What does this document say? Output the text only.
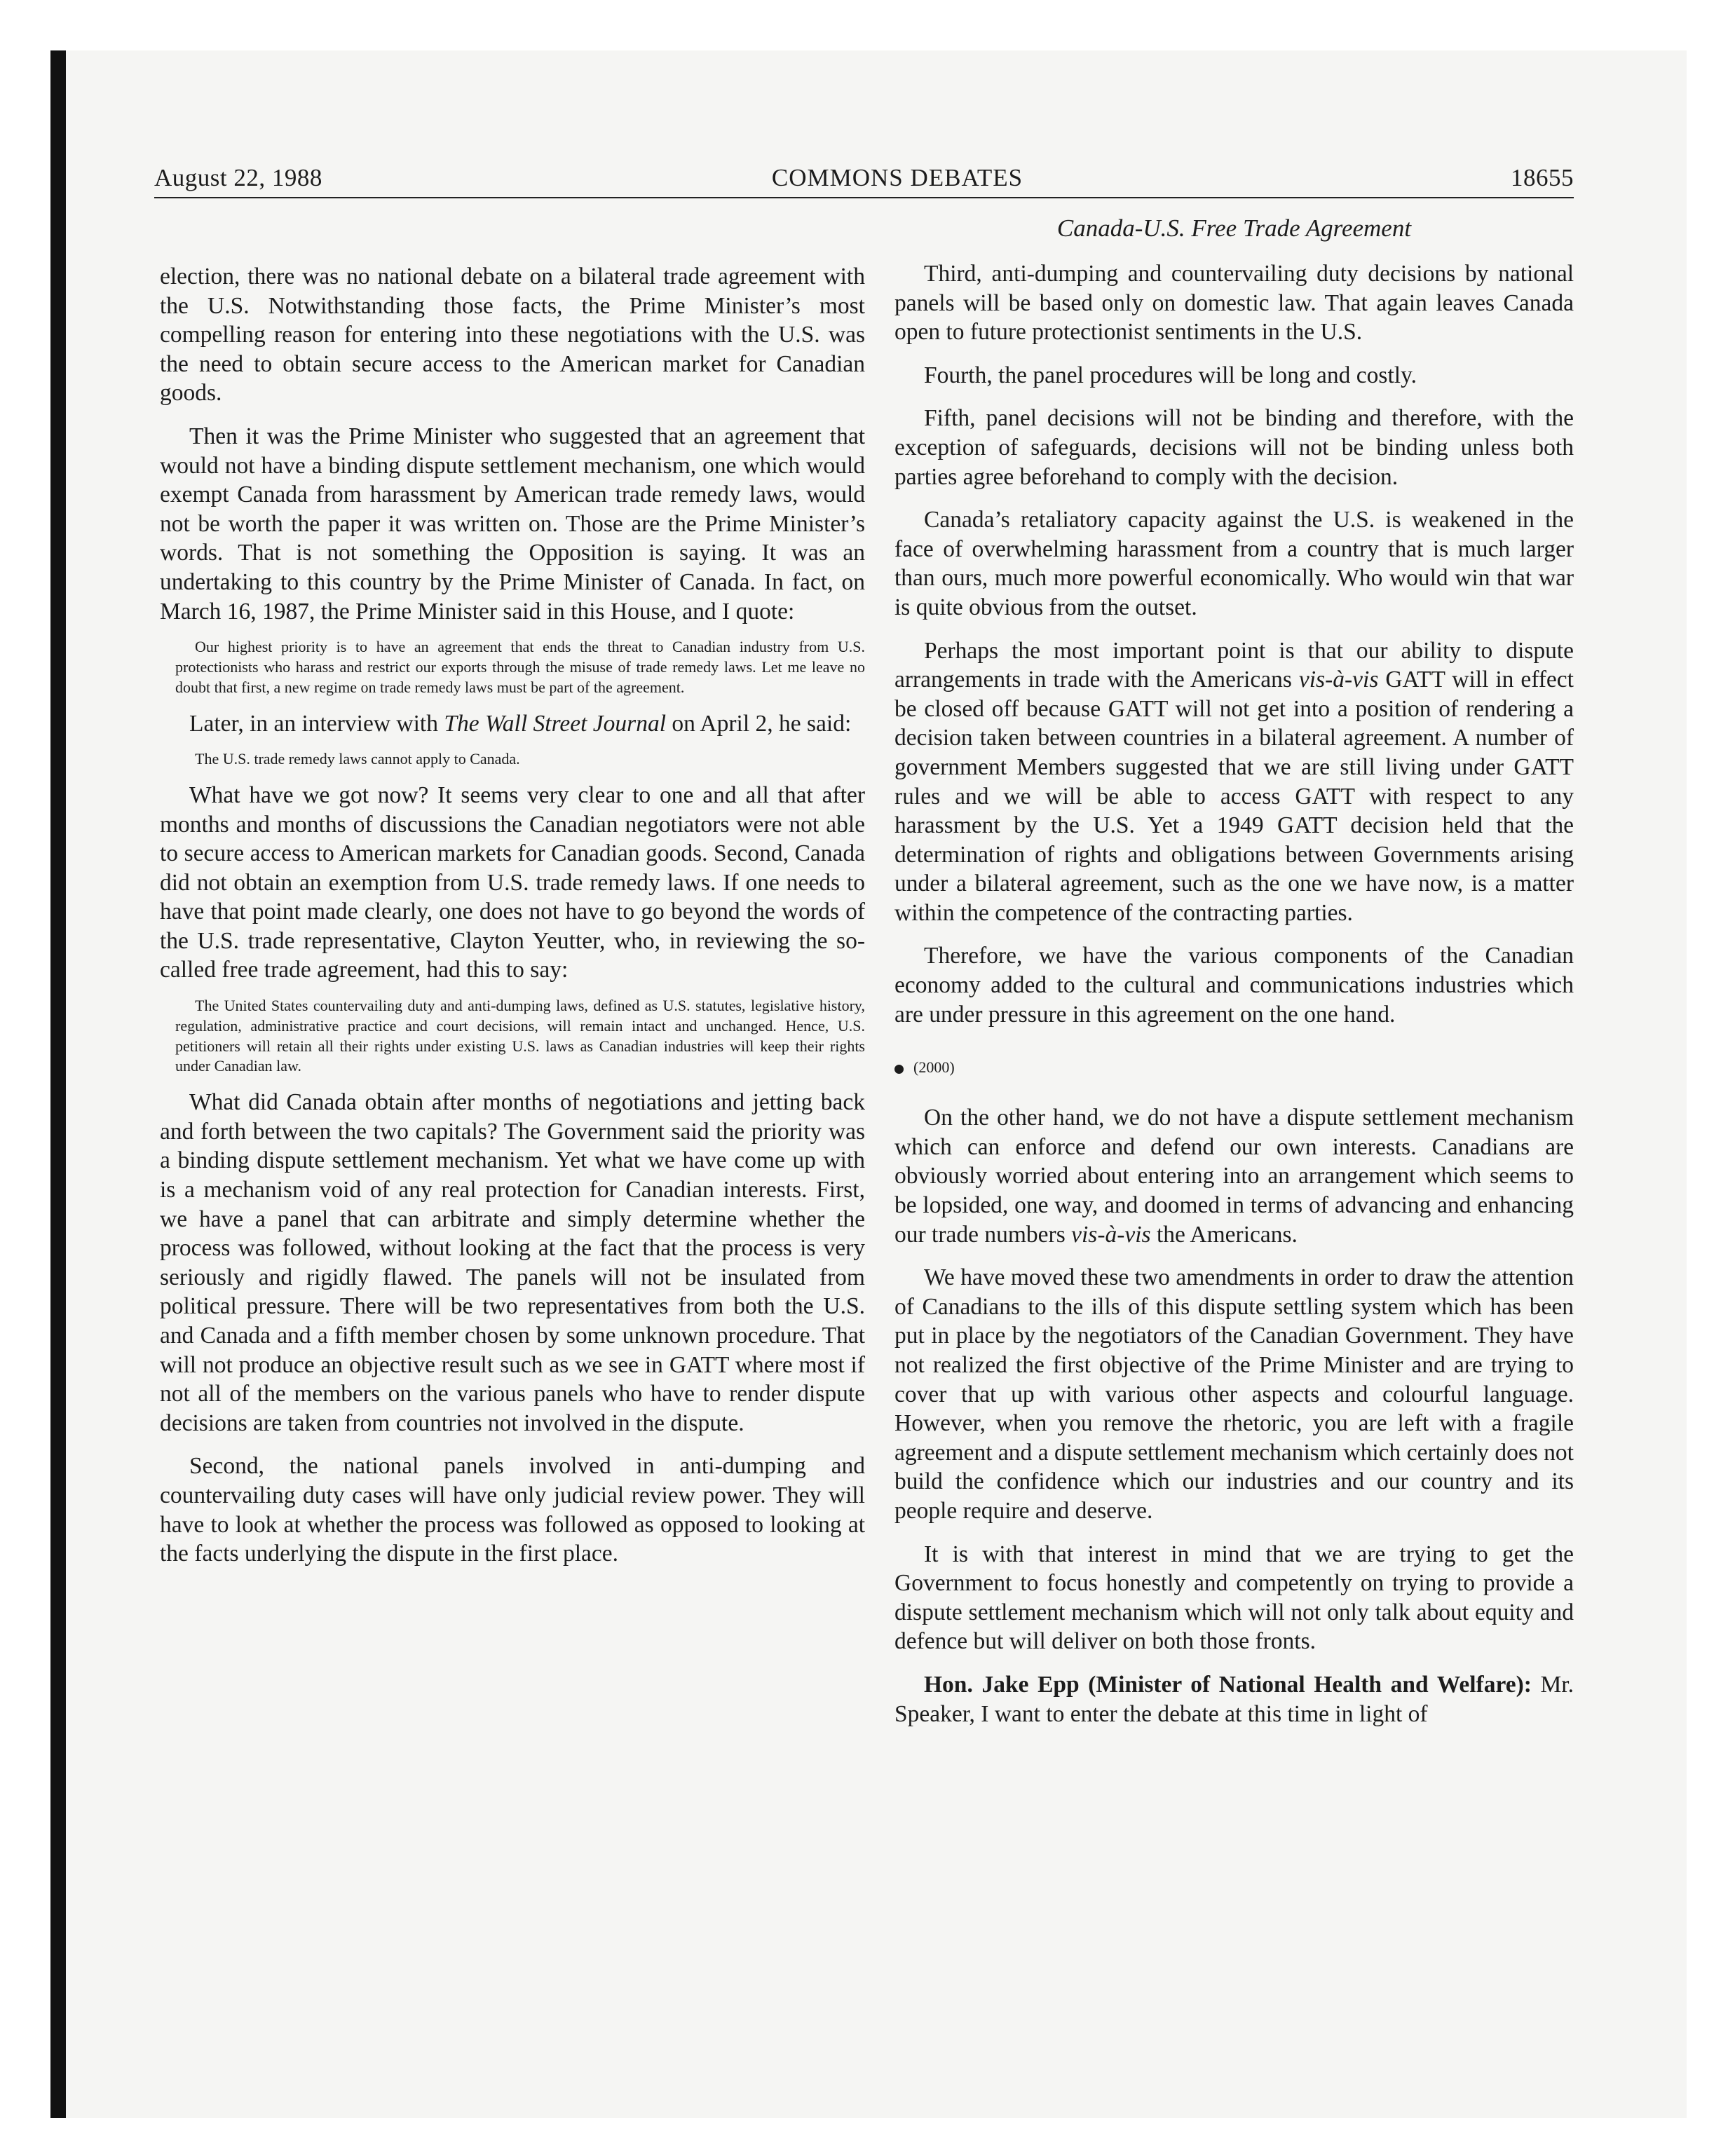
August 22, 1988	COMMONS DEBATES	18655
Canada-U.S. Free Trade Agreement

election, there was no national debate on a bilateral trade agreement with the U.S. Notwithstanding those facts, the Prime Minister’s most compelling reason for entering into these negotiations with the U.S. was the need to obtain secure access to the American market for Canadian goods.

Then it was the Prime Minister who suggested that an agreement that would not have a binding dispute settlement mechanism, one which would exempt Canada from harassment by American trade remedy laws, would not be worth the paper it was written on. Those are the Prime Minister’s words. That is not something the Opposition is saying. It was an undertaking to this country by the Prime Minister of Canada. In fact, on March 16, 1987, the Prime Minister said in this House, and I quote:

Our highest priority is to have an agreement that ends the threat to Canadian industry from U.S. protectionists who harass and restrict our exports through the misuse of trade remedy laws. Let me leave no doubt that first, a new regime on trade remedy laws must be part of the agreement.

Later, in an interview with The Wall Street Journal on April 2, he said:

The U.S. trade remedy laws cannot apply to Canada.

What have we got now? It seems very clear to one and all that after months and months of discussions the Canadian negotiators were not able to secure access to American markets for Canadian goods. Second, Canada did not obtain an exemption from U.S. trade remedy laws. If one needs to have that point made clearly, one does not have to go beyond the words of the U.S. trade representative, Clayton Yeutter, who, in reviewing the so-called free trade agreement, had this to say:

The United States countervailing duty and anti-dumping laws, defined as U.S. statutes, legislative history, regulation, administrative practice and court decisions, will remain intact and unchanged. Hence, U.S. petitioners will retain all their rights under existing U.S. laws as Canadian industries will keep their rights under Canadian law.

What did Canada obtain after months of negotiations and jetting back and forth between the two capitals? The Government said the priority was a binding dispute settlement mechanism. Yet what we have come up with is a mechanism void of any real protection for Canadian interests. First, we have a panel that can arbitrate and simply determine whether the process was followed, without looking at the fact that the process is very seriously and rigidly flawed. The panels will not be insulated from political pressure. There will be two representatives from both the U.S. and Canada and a fifth member chosen by some unknown procedure. That will not produce an objective result such as we see in GATT where most if not all of the members on the various panels who have to render dispute decisions are taken from countries not involved in the dispute.

Second, the national panels involved in anti-dumping and countervailing duty cases will have only judicial review power. They will have to look at whether the process was followed as opposed to looking at the facts underlying the dispute in the first place.

Third, anti-dumping and countervailing duty decisions by national panels will be based only on domestic law. That again leaves Canada open to future protectionist sentiments in the U.S.

Fourth, the panel procedures will be long and costly.

Fifth, panel decisions will not be binding and therefore, with the exception of safeguards, decisions will not be binding unless both parties agree beforehand to comply with the decision.

Canada’s retaliatory capacity against the U.S. is weakened in the face of overwhelming harassment from a country that is much larger than ours, much more powerful economically. Who would win that war is quite obvious from the outset.

Perhaps the most important point is that our ability to dispute arrangements in trade with the Americans vis-à-vis GATT will in effect be closed off because GATT will not get into a position of rendering a decision taken between countries in a bilateral agreement. A number of government Members suggested that we are still living under GATT rules and we will be able to access GATT with respect to any harassment by the U.S. Yet a 1949 GATT decision held that the determination of rights and obligations between Governments arising under a bilateral agreement, such as the one we have now, is a matter within the competence of the contracting parties.

Therefore, we have the various components of the Canadian economy added to the cultural and communications industries which are under pressure in this agreement on the one hand.

(2000)

On the other hand, we do not have a dispute settlement mechanism which can enforce and defend our own interests. Canadians are obviously worried about entering into an arrangement which seems to be lopsided, one way, and doomed in terms of advancing and enhancing our trade numbers vis-à-vis the Americans.

We have moved these two amendments in order to draw the attention of Canadians to the ills of this dispute settling system which has been put in place by the negotiators of the Canadian Government. They have not realized the first objective of the Prime Minister and are trying to cover that up with various other aspects and colourful language. However, when you remove the rhetoric, you are left with a fragile agreement and a dispute settlement mechanism which certainly does not build the confidence which our industries and our country and its people require and deserve.

It is with that interest in mind that we are trying to get the Government to focus honestly and competently on trying to provide a dispute settlement mechanism which will not only talk about equity and defence but will deliver on both those fronts.

Hon. Jake Epp (Minister of National Health and Welfare): Mr. Speaker, I want to enter the debate at this time in light of
